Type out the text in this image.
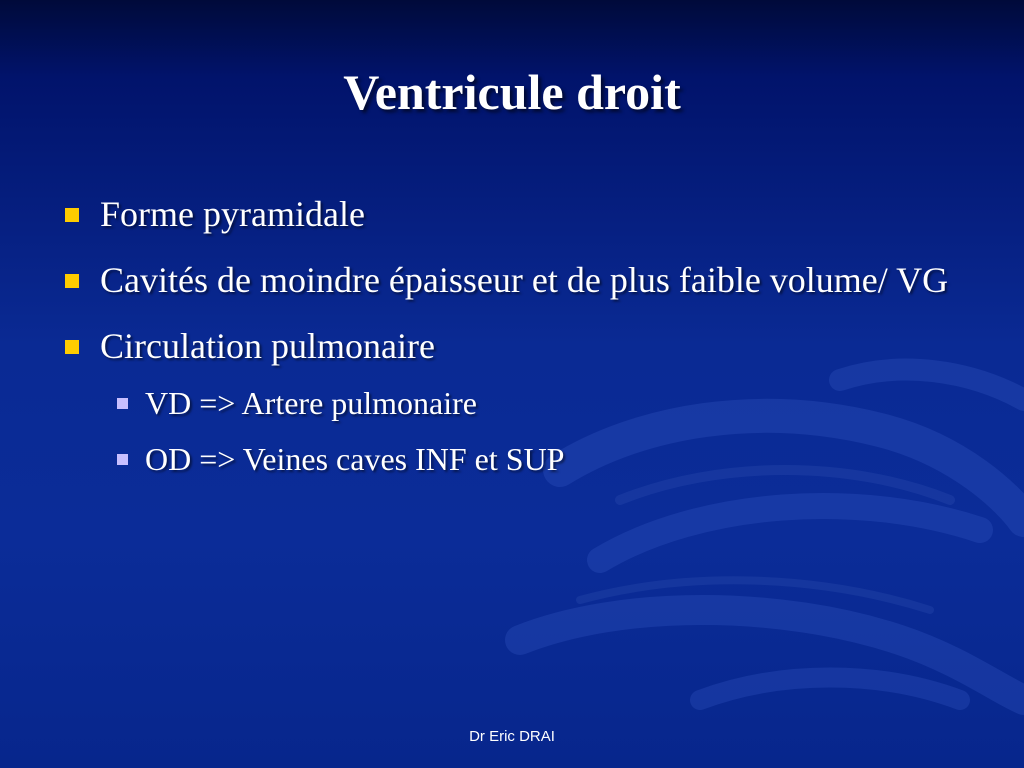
Ventricule droit
Forme pyramidale
Cavités de moindre épaisseur et de plus faible volume/ VG
Circulation pulmonaire
VD => Artere pulmonaire
OD => Veines caves INF et SUP
Dr Eric DRAI
